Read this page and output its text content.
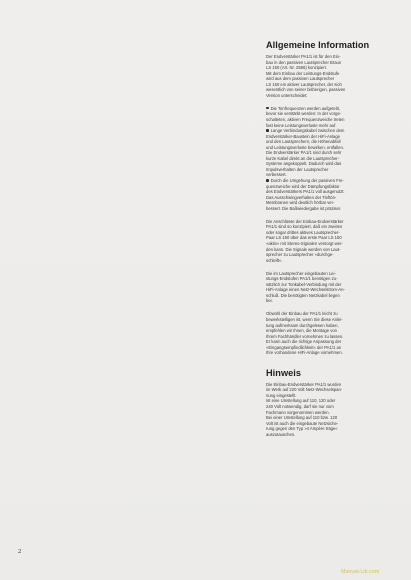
Allgemeine Information
Der Endverstärker PA1/1 ist für den Ein-
bau in den passiven Lautsprecher Braun
LS 150 (Art. Nr. 2586) konzipiert.
Mit dem Einbau der Leistungs-Endstufe
wird aus dem passiven Lautsprecher
LS 150 ein aktiver Lautsprecher, der sich
wesentlich von seiner bisherigen, passiven
Version unterscheidet:
Die Tonfrequenzen werden aufgeteilt,
bevor sie verstärkt werden: In der vorge-
schalteten, aktiven Frequenzweiche treten
fast keine Leistungsverluste mehr auf.
Lange Verbindungskabel zwischen dem
Endverstärker-Baustein der HiFi-Anlage
und den Lautsprechern, die Höhenabfall
und Leistungsverluste bewirken, entfallen.
Die Endverstärker PA1/1 sind durch sehr
kurze Kabel direkt an die Lautsprecher-
Systeme angekoppelt. Dadurch wird das
Impulsverhalten der Lautsprecher
verbessert.
Durch die Umgehung der passiven Fre-
quenzweiche wird der Dämpfungsfaktor
des Endverstärkers PA1/1 voll ausgenutzt:
Das Ausschwingverhalten der Tieftön-
Membranen wird deutlich hörbar ver-
bessert. Die Baßwiedergabe ist präziser.
Die Anschlüsse der Einbau-Endverstärker
PA1/1 sind so konzipiert, daß ein zweites
oder sogar drittes aktives Lautsprecher-
Paar LS 150 über das erste Paar LS 150
»aktiv« mit Stereo-Signalen versorgt wer-
den kann. Die Signale werden von Laut-
sprecher zu Lautsprecher »durchge-
schleift«.
Die im Lautsprecher eingebauten Lei-
stungs-Endstufen PA1/1 benötigen zu-
sätzlich zur Tonkabel-Verbindung mit der
HiFi-Anlage einen Netz-Wechselstrom-An-
schluß. Die benötigten Netzkabel liegen
bei.
Obwohl der Einbau der PA1/1 leicht zu
bewerkstelligen ist, wenn Sie diese Anlei-
tung aufmerksam durchgelesen haben,
empfehlen wir Ihnen, die Montage von
Ihrem Fachhändler vornehmen zu lassen.
Er kann auch die richtige Anpassung der
»Eingangsempfindlichkeit« der PA1/1 an
Ihre vorhandene HiFi-Anlage vornehmen.
Hinweis
Die Einbau-Endverstärker PA1/1 wurden
im Werk auf 220 Volt Netz-Wechselspan-
nung eingestellt.
Ist eine Umstellung auf 110, 120 oder
240 Volt notwendig, darf sie nur vom
Fachmann vorgenommen werden.
Bei einer Umstellung auf 110 bzw. 120
Volt ist auch die eingebaute Netzsiche-
rung gegen den Typ »4 Ampère träge«
auszutauschen.
2
Manual-Lib.com
